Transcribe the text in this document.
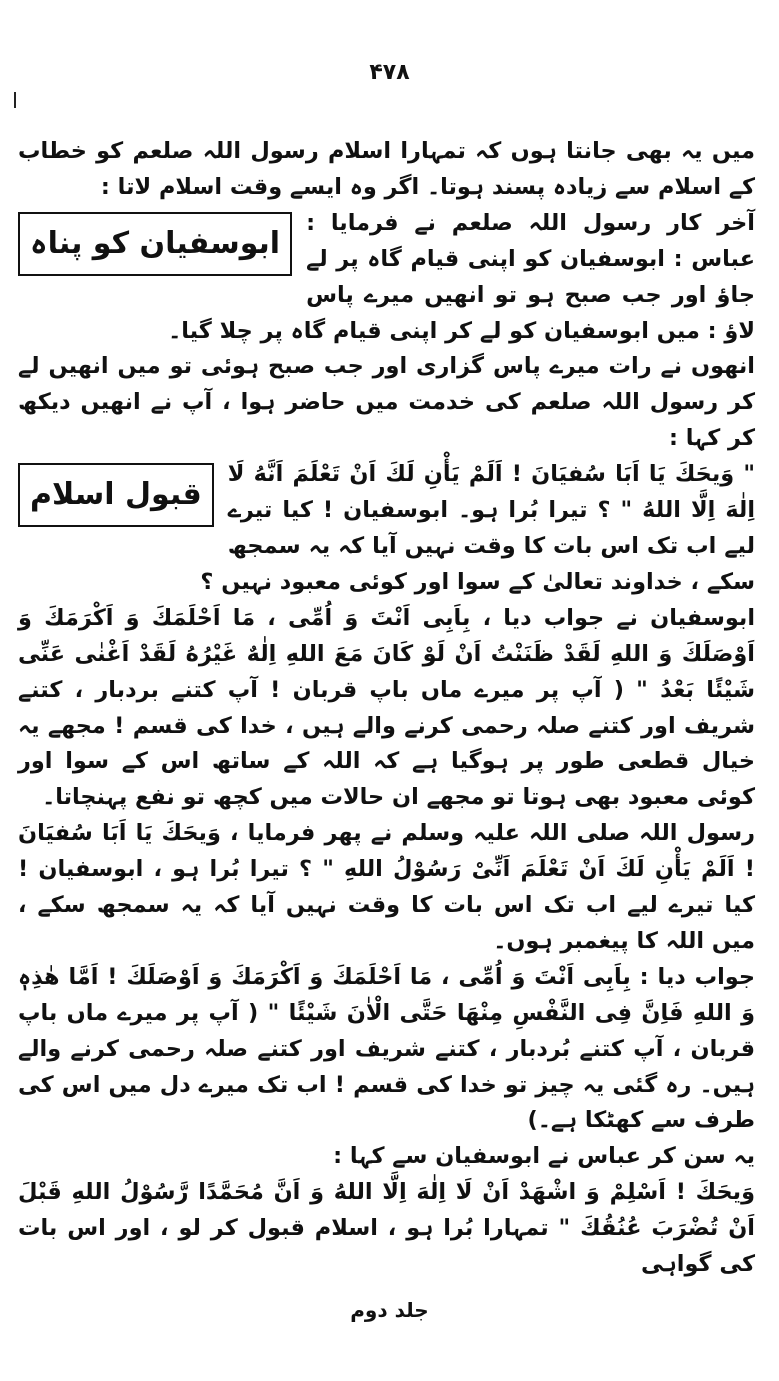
۴۷۸

میں یہ بھی جانتا ہوں کہ تمہارا اسلام رسول اللہ صلعم کو خطاب کے اسلام سے زیادہ پسند ہوتا۔ اگر وہ ایسے وقت اسلام لاتا :

ابوسفیان کو پناہ

آخر کار رسول اللہ صلعم نے فرمایا : عباس : ابوسفیان کو اپنی قیام گاہ پر لے جاؤ اور جب صبح ہو تو انھیں میرے پاس لاؤ : میں ابوسفیان کو لے کر اپنی قیام گاہ پر چلا گیا۔

انھوں نے رات میرے پاس گزاری اور جب صبح ہوئی تو میں انھیں لے کر رسول اللہ صلعم کی خدمت میں حاضر ہوا ، آپ نے انھیں دیکھ کر کہا :

قبول اسلام

" وَیحَكَ یَا اَبَا سُفیَانَ ! اَلَمْ یَأْنِ لَكَ اَنْ تَعْلَمَ اَنَّهُ لَا اِلٰهَ اِلَّا اللهُ " ؟ تیرا بُرا ہو۔ ابوسفیان ! کیا تیرے لیے اب تک اس بات کا وقت نہیں آیا کہ یہ سمجھ سکے ، خداوند تعالیٰ کے سوا اور کوئی معبود نہیں ؟

ابوسفیان نے جواب دیا ، بِاَبِی اَنْتَ وَ اُمِّی ، مَا اَحْلَمَكَ وَ اَكْرَمَكَ وَ اَوْصَلَكَ وَ اللهِ لَقَدْ ظَنَنْتُ اَنْ لَوْ كَانَ مَعَ اللهِ اِلٰهٌ غَيْرُهُ لَقَدْ اَغْنٰى عَنِّی شَيْئًا بَعْدُ " ( آپ پر میرے ماں باپ قربان ! آپ کتنے بردبار ، کتنے شریف اور کتنے صلہ رحمی کرنے والے ہیں ، خدا کی قسم ! مجھے یہ خیال قطعی طور پر ہوگیا ہے کہ اللہ کے ساتھ اس کے سوا اور کوئی معبود بھی ہوتا تو مجھے ان حالات میں کچھ تو نفع پہنچاتا۔

رسول اللہ صلی اللہ علیہ وسلم نے پھر فرمایا ، وَیحَكَ یَا اَبَا سُفیَانَ ! اَلَمْ یَأْنِ لَكَ اَنْ تَعْلَمَ اَنِّیْ رَسُوْلُ اللهِ " ؟ تیرا بُرا ہو ، ابوسفیان ! کیا تیرے لیے اب تک اس بات کا وقت نہیں آیا کہ یہ سمجھ سکے ، میں اللہ کا پیغمبر ہوں۔

جواب دیا : بِاَبِی اَنْتَ وَ اُمِّی ، مَا اَحْلَمَكَ وَ اَكْرَمَكَ وَ اَوْصَلَكَ ! اَمَّا هٰذِهٖ وَ اللهِ فَاِنَّ فِی النَّفْسِ مِنْهَا حَتَّی الْاٰنَ شَيْئًا " ( آپ پر میرے ماں باپ قربان ، آپ کتنے بُردبار ، کتنے شریف اور کتنے صلہ رحمی کرنے والے ہیں۔ رہ گئی یہ چیز تو خدا کی قسم ! اب تک میرے دل میں اس کی طرف سے کھٹکا ہے۔)

یہ سن کر عباس نے ابوسفیان سے کہا :

وَیحَكَ ! اَسْلِمْ وَ اشْهَدْ اَنْ لَا اِلٰهَ اِلَّا اللهُ وَ اَنَّ مُحَمَّدًا رَّسُوْلُ اللهِ قَبْلَ اَنْ تُضْرَبَ عُنُقُكَ " تمہارا بُرا ہو ، اسلام قبول کر لو ، اور اس بات کی گواہی

جلد دوم
